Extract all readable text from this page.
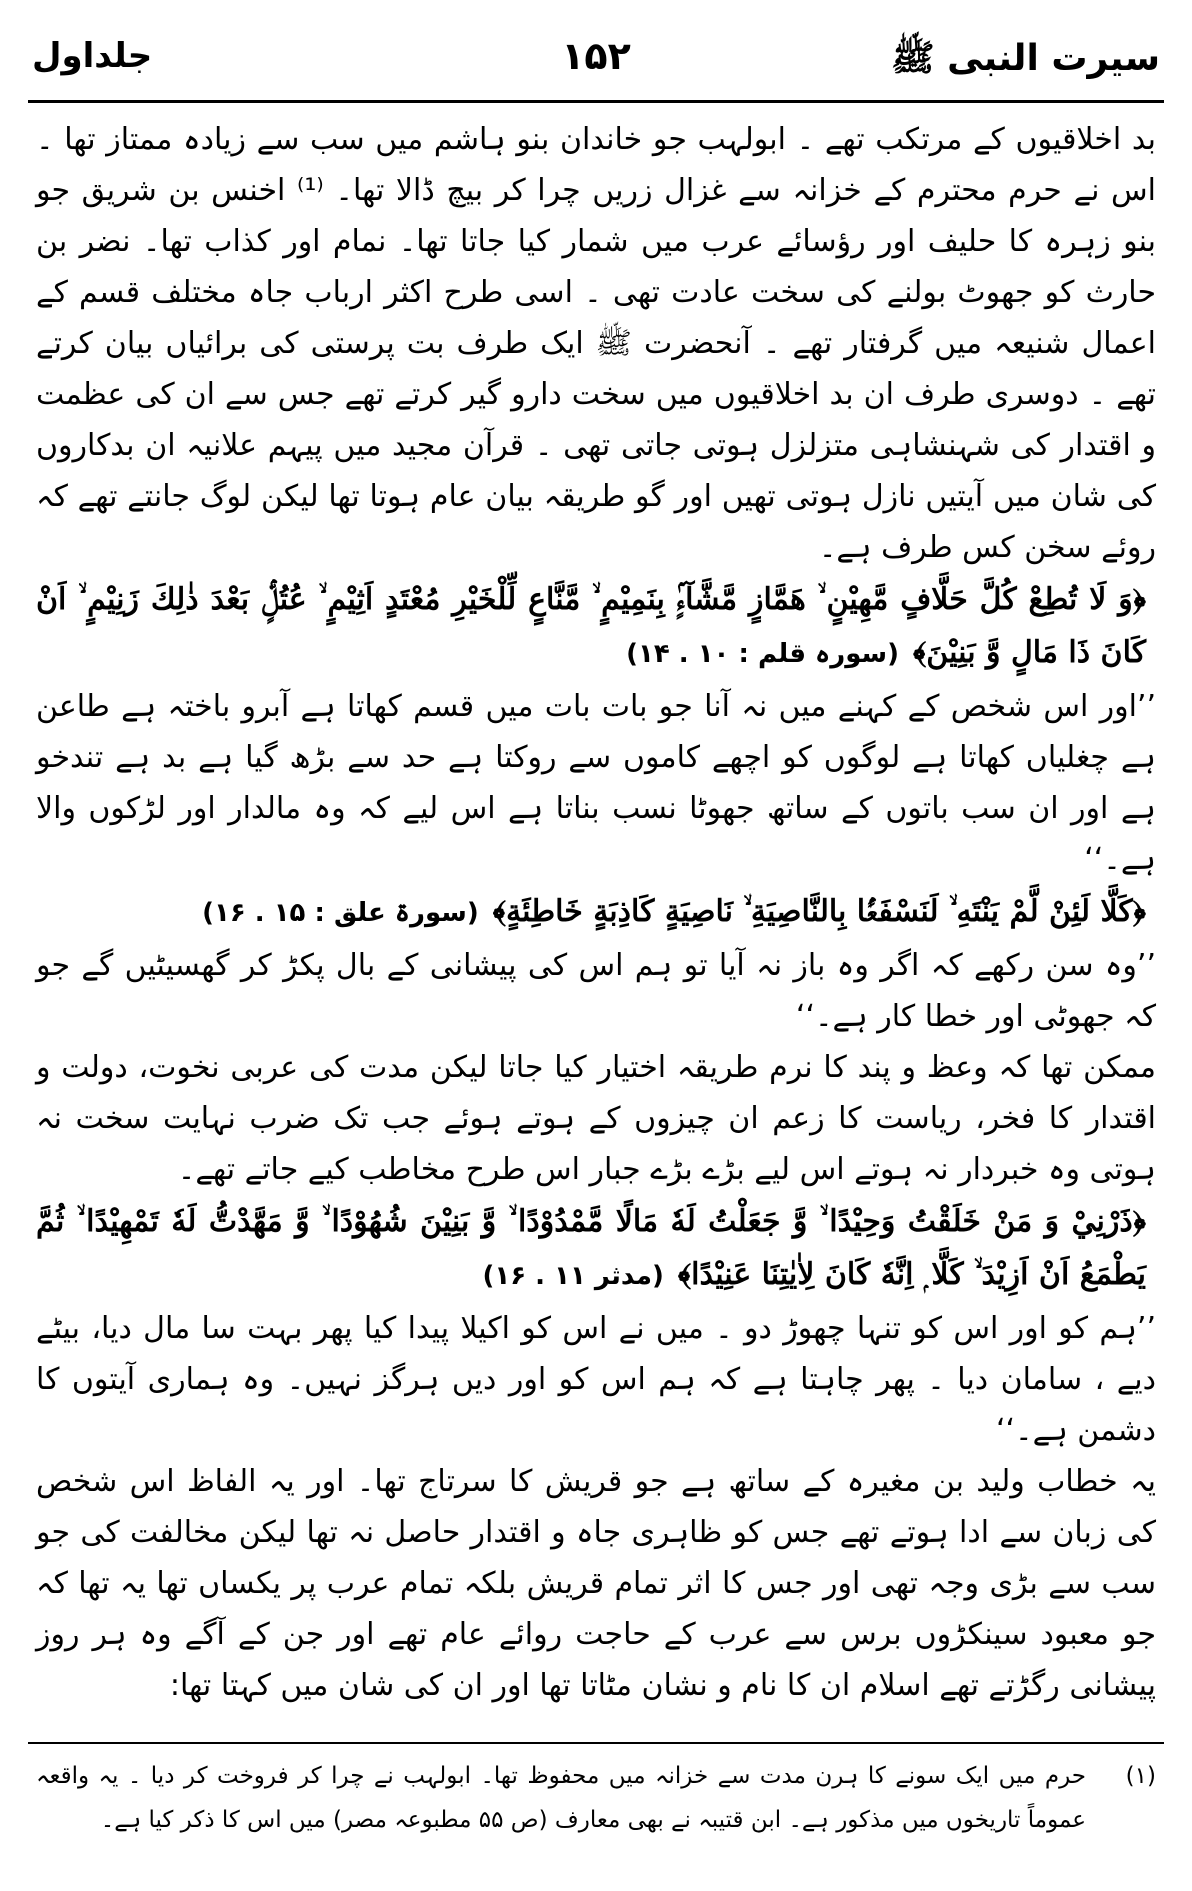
سیرت النبی ﷺ
۱۵۲
جلداول

بد اخلاقیوں کے مرتکب تھے ۔ ابولہب جو خاندان بنو ہاشم میں سب سے زیادہ ممتاز تھا ۔ اس نے حرم محترم کے خزانہ سے غزال زریں چرا کر بیچ ڈالا تھا۔ ⁽¹⁾ اخنس بن شریق جو بنو زہرہ کا حلیف اور رؤسائے عرب میں شمار کیا جاتا تھا۔ نمام اور کذاب تھا۔ نضر بن حارث کو جھوٹ بولنے کی سخت عادت تھی ۔ اسی طرح اکثر ارباب جاہ مختلف قسم کے اعمال شنیعہ میں گرفتار تھے ۔ آنحضرت ﷺ ایک طرف بت پرستی کی برائیاں بیان کرتے تھے ۔ دوسری طرف ان بد اخلاقیوں میں سخت دارو گیر کرتے تھے جس سے ان کی عظمت و اقتدار کی شہنشاہی متزلزل ہوتی جاتی تھی ۔ قرآن مجید میں پیہم علانیہ ان بدکاروں کی شان میں آیتیں نازل ہوتی تھیں اور گو طریقہ بیان عام ہوتا تھا لیکن لوگ جانتے تھے کہ روئے سخن کس طرف ہے۔

﴿وَ لَا تُطِعْ كُلَّ حَلَّافٍ مَّهِيْنٍ ۙ هَمَّازٍ مَّشَّآءٍۢ بِنَمِيْمٍ ۙ مَّنَّاعٍ لِّلْخَيْرِ مُعْتَدٍ اَثِيْمٍ ۙ عُتُلٍّۢ بَعْدَ ذٰلِكَ زَنِيْمٍ ۙ اَنْ كَانَ ذَا مَالٍ وَّ بَنِيْنَ﴾(سورہ قلم : ۱۰ . ۱۴)

’’اور اس شخص کے کہنے میں نہ آنا جو بات بات میں قسم کھاتا ہے آبرو باختہ ہے طاعن ہے چغلیاں کھاتا ہے لوگوں کو اچھے کاموں سے روکتا ہے حد سے بڑھ گیا ہے بد ہے تندخو ہے اور ان سب باتوں کے ساتھ جھوٹا نسب بناتا ہے اس لیے کہ وہ مالدار اور لڑکوں والا ہے۔‘‘

﴿كَلَّا لَئِنْ لَّمْ يَنْتَهِ ۙ لَنَسْفَعًۢا بِالنَّاصِيَةِ ۙ نَاصِيَةٍ كَاذِبَةٍ خَاطِئَةٍ﴾(سورۃ علق : ۱۵ . ۱۶)

’’وہ سن رکھے کہ اگر وہ باز نہ آیا تو ہم اس کی پیشانی کے بال پکڑ کر گھسیٹیں گے جو کہ جھوٹی اور خطا کار ہے۔‘‘

ممکن تھا کہ وعظ و پند کا نرم طریقہ اختیار کیا جاتا لیکن مدت کی عربی نخوت، دولت و اقتدار کا فخر، ریاست کا زعم ان چیزوں کے ہوتے ہوئے جب تک ضرب نہایت سخت نہ ہوتی وہ خبردار نہ ہوتے اس لیے بڑے بڑے جبار اس طرح مخاطب کیے جاتے تھے۔

﴿ذَرْنِيْ وَ مَنْ خَلَقْتُ وَحِيْدًا ۙ وَّ جَعَلْتُ لَهٗ مَالًا مَّمْدُوْدًا ۙ وَّ بَنِيْنَ شُهُوْدًا ۙ وَّ مَهَّدْتُّ لَهٗ تَمْهِيْدًا ۙ ثُمَّ يَطْمَعُ اَنْ اَزِيْدَ ۙ كَلَّا ۭ اِنَّهٗ كَانَ لِاٰيٰتِنَا عَنِيْدًا﴾(مدثر ۱۱ . ۱۶)

’’ہم کو اور اس کو تنہا چھوڑ دو ۔ میں نے اس کو اکیلا پیدا کیا پھر بہت سا مال دیا، بیٹے دیے ، سامان دیا ۔ پھر چاہتا ہے کہ ہم اس کو اور دیں ہرگز نہیں۔ وہ ہماری آیتوں کا دشمن ہے۔‘‘

یہ خطاب ولید بن مغیرہ کے ساتھ ہے جو قریش کا سرتاج تھا۔ اور یہ الفاظ اس شخص کی زبان سے ادا ہوتے تھے جس کو ظاہری جاہ و اقتدار حاصل نہ تھا لیکن مخالفت کی جو سب سے بڑی وجہ تھی اور جس کا اثر تمام قریش بلکہ تمام عرب پر یکساں تھا یہ تھا کہ جو معبود سینکڑوں برس سے عرب کے حاجت روائے عام تھے اور جن کے آگے وہ ہر روز پیشانی رگڑتے تھے اسلام ان کا نام و نشان مٹاتا تھا اور ان کی شان میں کہتا تھا:

(۱)
حرم میں ایک سونے کا ہرن مدت سے خزانہ میں محفوظ تھا۔ ابولہب نے چرا کر فروخت کر دیا ۔ یہ واقعہ عموماً تاریخوں میں مذکور ہے۔ ابن قتیبہ نے بھی معارف (ص ۵۵ مطبوعہ مصر) میں اس کا ذکر کیا ہے۔
